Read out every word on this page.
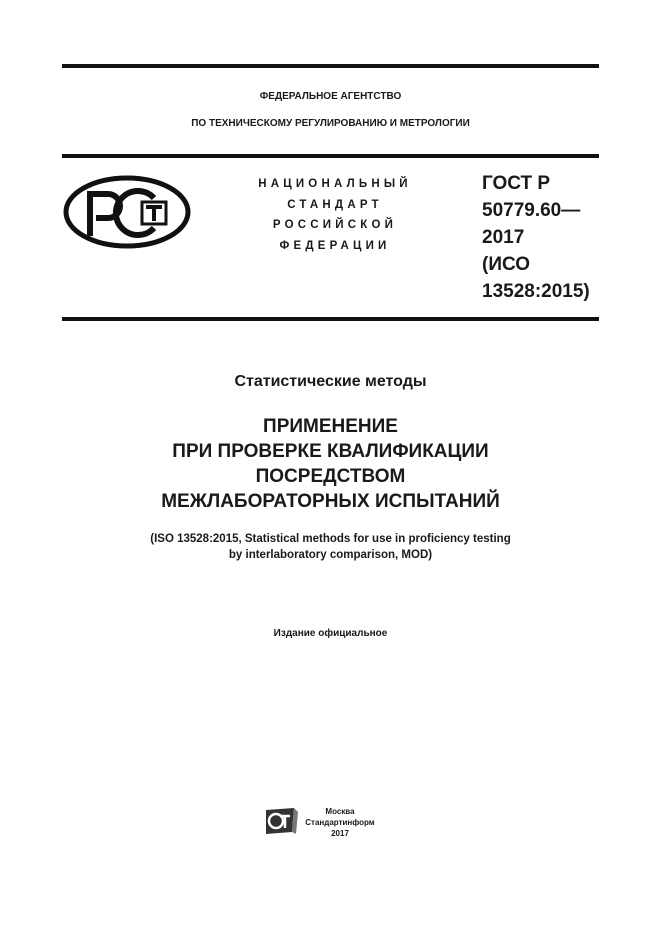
ФЕДЕРАЛЬНОЕ АГЕНТСТВО
ПО ТЕХНИЧЕСКОМУ РЕГУЛИРОВАНИЮ И МЕТРОЛОГИИ
НАЦИОНАЛЬНЫЙ
СТАНДАРТ
РОССИЙСКОЙ
ФЕДЕРАЦИИ
ГОСТ Р
50779.60—
2017
(ИСО
13528:2015)
Статистические методы
ПРИМЕНЕНИЕ
ПРИ ПРОВЕРКЕ КВАЛИФИКАЦИИ
ПОСРЕДСТВОМ
МЕЖЛАБОРАТОРНЫХ ИСПЫТАНИЙ
(ISO 13528:2015, Statistical methods for use in proficiency testing
by interlaboratory comparison, MOD)
Издание официальное
Москва
Стандартинформ
2017
